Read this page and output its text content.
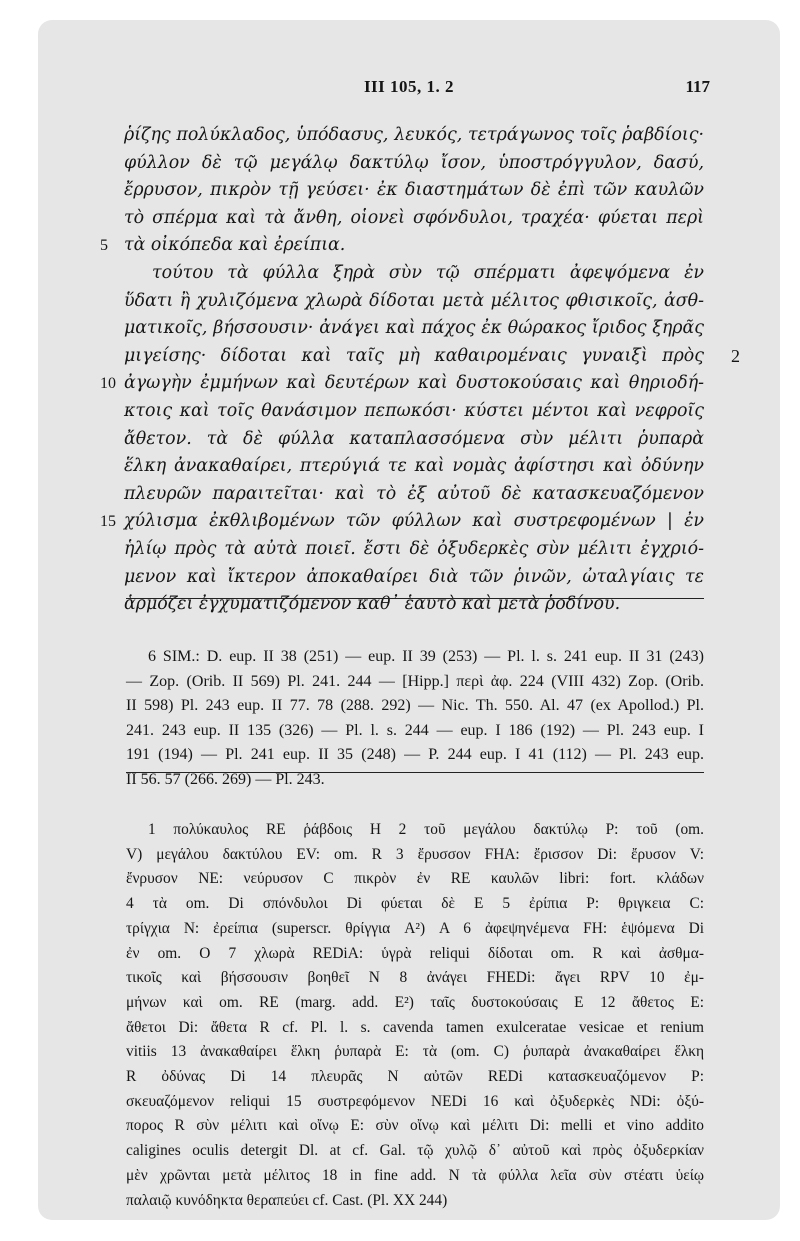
III 105, 1. 2	117
ῥίζης πολύκλαδος, ὑπόδασυς, λευκός, τετράγωνος τοῖς ῥαβδίοις·
φύλλον δὲ τῷ μεγάλῳ δακτύλῳ ἴσον, ὑποστρόγγυλον, δασύ,
ἔρρυσον, πικρὸν τῇ γεύσει· ἐκ διαστημάτων δὲ ἐπὶ τῶν καυλῶν
τὸ σπέρμα καὶ τὰ ἄνθη, οἱονεὶ σφόνδυλοι, τραχέα· φύεται περὶ
5 τὰ οἰκόπεδα καὶ ἐρείπια.
τούτου τὰ φύλλα ξηρὰ σὺν τῷ σπέρματι ἀφεψόμενα ἐν
ὕδατι ἢ χυλιζόμενα χλωρὰ δίδοται μετὰ μέλιτος φθισικοῖς, ἀσθ-
ματικοῖς, βήσσουσιν· ἀνάγει καὶ πάχος ἐκ θώρακος ἴριδος ξηρᾶς
μιγείσης· δίδοται καὶ ταῖς μὴ καθαιρομέναις γυναιξὶ πρὸς 2
10 ἀγωγὴν ἐμμήνων καὶ δευτέρων καὶ δυστοκούσαις καὶ θηριοδή-
κτοις καὶ τοῖς θανάσιμον πεπωκόσι· κύστει μέντοι καὶ νεφροῖς
ἄθετον. τὰ δὲ φύλλα καταπλασσόμενα σὺν μέλιτι ῥυπαρὰ
ἕλκη ἀνακαθαίρει, πτερύγιά τε καὶ νομὰς ἀφίστησι καὶ ὀδύνην
πλευρῶν παραιτεῖται· καὶ τὸ ἐξ αὐτοῦ δὲ κατασκευαζόμενον
15 χύλισμα ἐκθλιβομένων τῶν φύλλων καὶ συστρεφομένων | ἐν
ἡλίῳ πρὸς τὰ αὐτὰ ποιεῖ. ἔστι δὲ ὀξυδερκὲς σὺν μέλιτι ἐγχριό-
μενον καὶ ἴκτερον ἀποκαθαίρει διὰ τῶν ῥινῶν, ὠταλγίαις τε
ἁρμόζει ἐγχυματιζόμενον καθ᾽ ἑαυτὸ καὶ μετὰ ῥοδίνου.
6 SIM.: D. eup. II 38 (251) — eup. II 39 (253) — Pl. l. s. 241 eup. II 31 (243)
— Zop. (Orib. II 569) Pl. 241. 244 — [Hipp.] περὶ ἀφ. 224 (VIII 432) Zop. (Orib.
II 598) Pl. 243 eup. II 77. 78 (288. 292) — Nic. Th. 550. Al. 47 (ex Apollod.) Pl.
241. 243 eup. II 135 (326) — Pl. l. s. 244 — eup. I 186 (192) — Pl. 243 eup. I
191 (194) — Pl. 241 eup. II 35 (248) — P. 244 eup. I 41 (112) — Pl. 243 eup.
II 56. 57 (266. 269) — Pl. 243.
1 πολύκαυλος RE ῥάβδοις H 2 τοῦ μεγάλου δακτύλῳ P: τοῦ (om.
V) μεγάλου δακτύλου EV: om. R 3 ἔρυσσον FHA: ἔρισσον Di: ἔρυσον V:
ἔνρυσον NE: νεύρυσον C πικρὸν ἐν RE καυλῶν libri: fort. κλάδων
4 τὰ om. Di σπόνδυλοι Di φύεται δὲ E 5 ἐρίπια P: θριγκεια C:
τρίγχια N: ἐρείπια (superscr. θρίγγια A²) A 6 ἀφεψηνέμενα FH: ἑψόμενα Di
ἐν om. O 7 χλωρὰ REDiA: ὑγρὰ reliqui δίδοται om. R καὶ ἀσθμα-
τικοῖς καὶ βήσσουσιν βοηθεῖ N 8 ἀνάγει FHEDi: ἄγει RPV 10 ἐμ-
μήνων καὶ om. RE (marg. add. E²) ταῖς δυστοκούσαις E 12 ἄθετος E:
ἄθετοι Di: ἄθετα R cf. Pl. l. s. cavenda tamen exulceratae vesicae et renium
vitiis 13 ἀνακαθαίρει ἕλκη ῥυπαρὰ E: τὰ (om. C) ῥυπαρὰ ἀνακαθαίρει ἕλκη
R ὀδύνας Di 14 πλευρᾶς N αὐτῶν REDi κατασκευαζόμενον P:
σκευαζόμενον reliqui 15 συστρεφόμενον NEDi 16 καὶ ὀξυδερκὲς NDi: ὀξύ-
πορος R σὺν μέλιτι καὶ οἴνῳ E: σὺν οἴνῳ καὶ μέλιτι Di: melli et vino addito
caligines oculis detergit Dl. at cf. Gal. τῷ χυλῷ δ᾽ αὐτοῦ καὶ πρὸς ὀξυδερκίαν
μὲν χρῶνται μετὰ μέλιτος 18 in fine add. N τὰ φύλλα λεῖα σὺν στέατι ὑείῳ
παλαιῷ κυνόδηκτα θεραπεύει cf. Cast. (Pl. XX 244)
